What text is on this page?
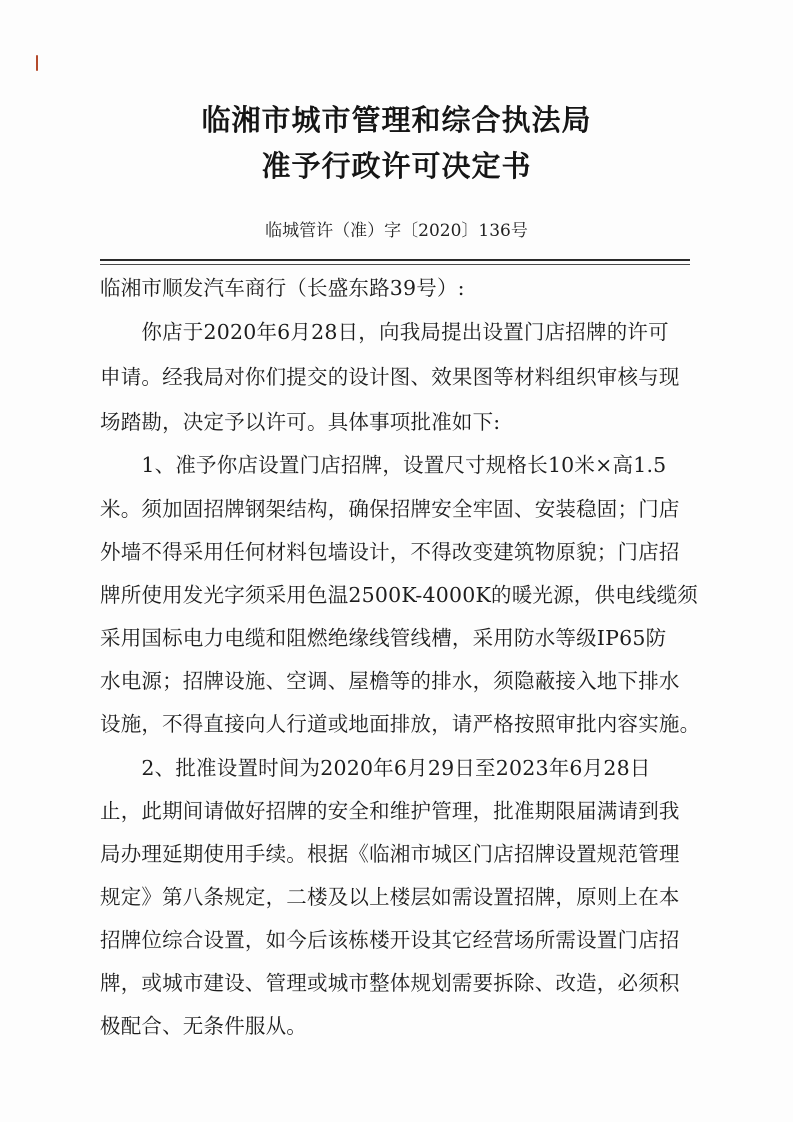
临湘市城市管理和综合执法局
准予行政许可决定书
临城管许（准）字〔2020〕136号
临湘市顺发汽车商行（长盛东路39号）:
　　你店于2020年6月28日，向我局提出设置门店招牌的许可
申请。经我局对你们提交的设计图、效果图等材料组织审核与现
场踏勘，决定予以许可。具体事项批准如下:
　　1、准予你店设置门店招牌，设置尺寸规格长10米×高1.5
米。须加固招牌钢架结构，确保招牌安全牢固、安装稳固；门店
外墙不得采用任何材料包墙设计，不得改变建筑物原貌；门店招
牌所使用发光字须采用色温2500K-4000K的暖光源，供电线缆须
采用国标电力电缆和阻燃绝缘线管线槽，采用防水等级IP65防
水电源；招牌设施、空调、屋檐等的排水，须隐蔽接入地下排水
设施，不得直接向人行道或地面排放，请严格按照审批内容实施。
　　2、批准设置时间为2020年6月29日至2023年6月28日
止，此期间请做好招牌的安全和维护管理，批准期限届满请到我
局办理延期使用手续。根据《临湘市城区门店招牌设置规范管理
规定》第八条规定，二楼及以上楼层如需设置招牌，原则上在本
招牌位综合设置，如今后该栋楼开设其它经营场所需设置门店招
牌，或城市建设、管理或城市整体规划需要拆除、改造，必须积
极配合、无条件服从。
